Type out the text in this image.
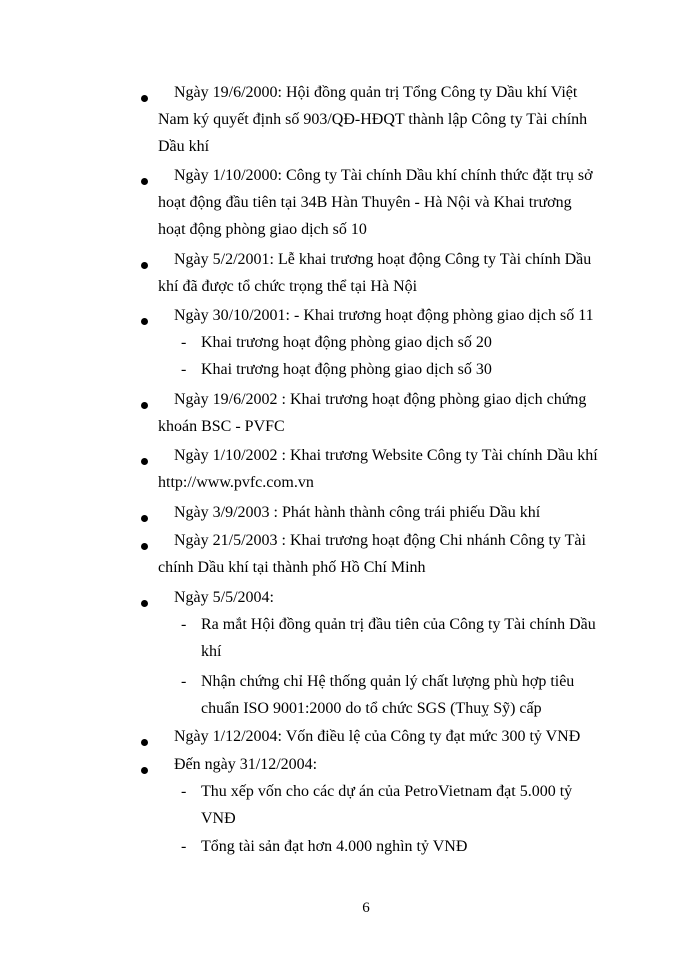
Ngày 19/6/2000: Hội đồng quản trị Tổng Công ty Dầu khí Việt
Nam ký quyết định số 903/QĐ-HĐQT thành lập Công ty Tài chính
Dầu khí
Ngày 1/10/2000: Công ty Tài chính Dầu khí chính thức đặt trụ sở
hoạt động đầu tiên tại 34B Hàn Thuyên - Hà Nội và Khai trương
hoạt động phòng giao dịch số 10
Ngày 5/2/2001: Lễ khai trương hoạt động Công ty Tài chính Dầu
khí đã được tổ chức trọng thể tại Hà Nội
Ngày 30/10/2001: - Khai trương hoạt động phòng giao dịch số 11
- Khai trương hoạt động phòng giao dịch số 20
- Khai trương hoạt động phòng giao dịch số 30
Ngày 19/6/2002 : Khai trương hoạt động phòng giao dịch chứng
khoán BSC - PVFC
Ngày 1/10/2002 : Khai trương Website Công ty Tài chính Dầu khí
http://www.pvfc.com.vn
Ngày 3/9/2003 : Phát hành thành công trái phiếu Dầu khí
Ngày 21/5/2003 : Khai trương hoạt động Chi nhánh Công ty Tài
chính Dầu khí tại thành phố Hồ Chí Minh
Ngày 5/5/2004:
- Ra mắt Hội đồng quản trị đầu tiên của Công ty Tài chính Dầu
khí
- Nhận chứng chỉ Hệ thống quản lý chất lượng phù hợp tiêu
chuẩn ISO 9001:2000 do tổ chức SGS (Thuỵ Sỹ) cấp
Ngày 1/12/2004: Vốn điều lệ của Công ty đạt mức 300 tỷ VNĐ
Đến ngày 31/12/2004:
- Thu xếp vốn cho các dự án của PetroVietnam đạt 5.000 tỷ
VNĐ
- Tổng tài sản đạt hơn 4.000 nghìn tỷ VNĐ
6
